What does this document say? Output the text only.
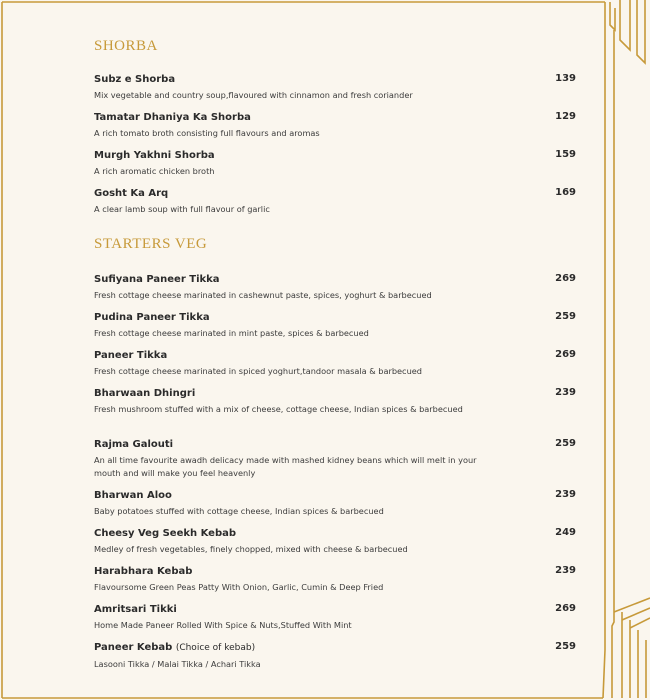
SHORBA
Subz e Shorba	139
Mix vegetable and country soup,flavoured with cinnamon and fresh coriander
Tamatar Dhaniya Ka Shorba	129
A rich tomato broth consisting full flavours and aromas
Murgh Yakhni Shorba	159
A rich aromatic chicken broth
Gosht Ka Arq	169
A clear lamb soup with full flavour of garlic
STARTERS VEG
Sufiyana Paneer Tikka	269
Fresh cottage cheese marinated in cashewnut paste, spices, yoghurt & barbecued
Pudina Paneer Tikka	259
Fresh cottage cheese marinated in mint paste, spices & barbecued
Paneer Tikka	269
Fresh cottage cheese marinated in spiced yoghurt,tandoor masala & barbecued
Bharwaan Dhingri	239
Fresh mushroom stuffed with a mix of cheese, cottage cheese, Indian spices & barbecued
Rajma Galouti	259
An all time favourite awadh delicacy made with mashed kidney beans which will melt in your mouth and will make you feel heavenly
Bharwan Aloo	239
Baby potatoes stuffed with cottage cheese, Indian spices & barbecued
Cheesy Veg Seekh Kebab	249
Medley of fresh vegetables, finely chopped, mixed with cheese & barbecued
Harabhara Kebab	239
Flavoursome Green Peas Patty With Onion, Garlic, Cumin & Deep Fried
Amritsari Tikki	269
Home Made Paneer Rolled With Spice & Nuts,Stuffed With Mint
Paneer Kebab (Choice of kebab)	259
Lasooni Tikka / Malai Tikka / Achari Tikka
